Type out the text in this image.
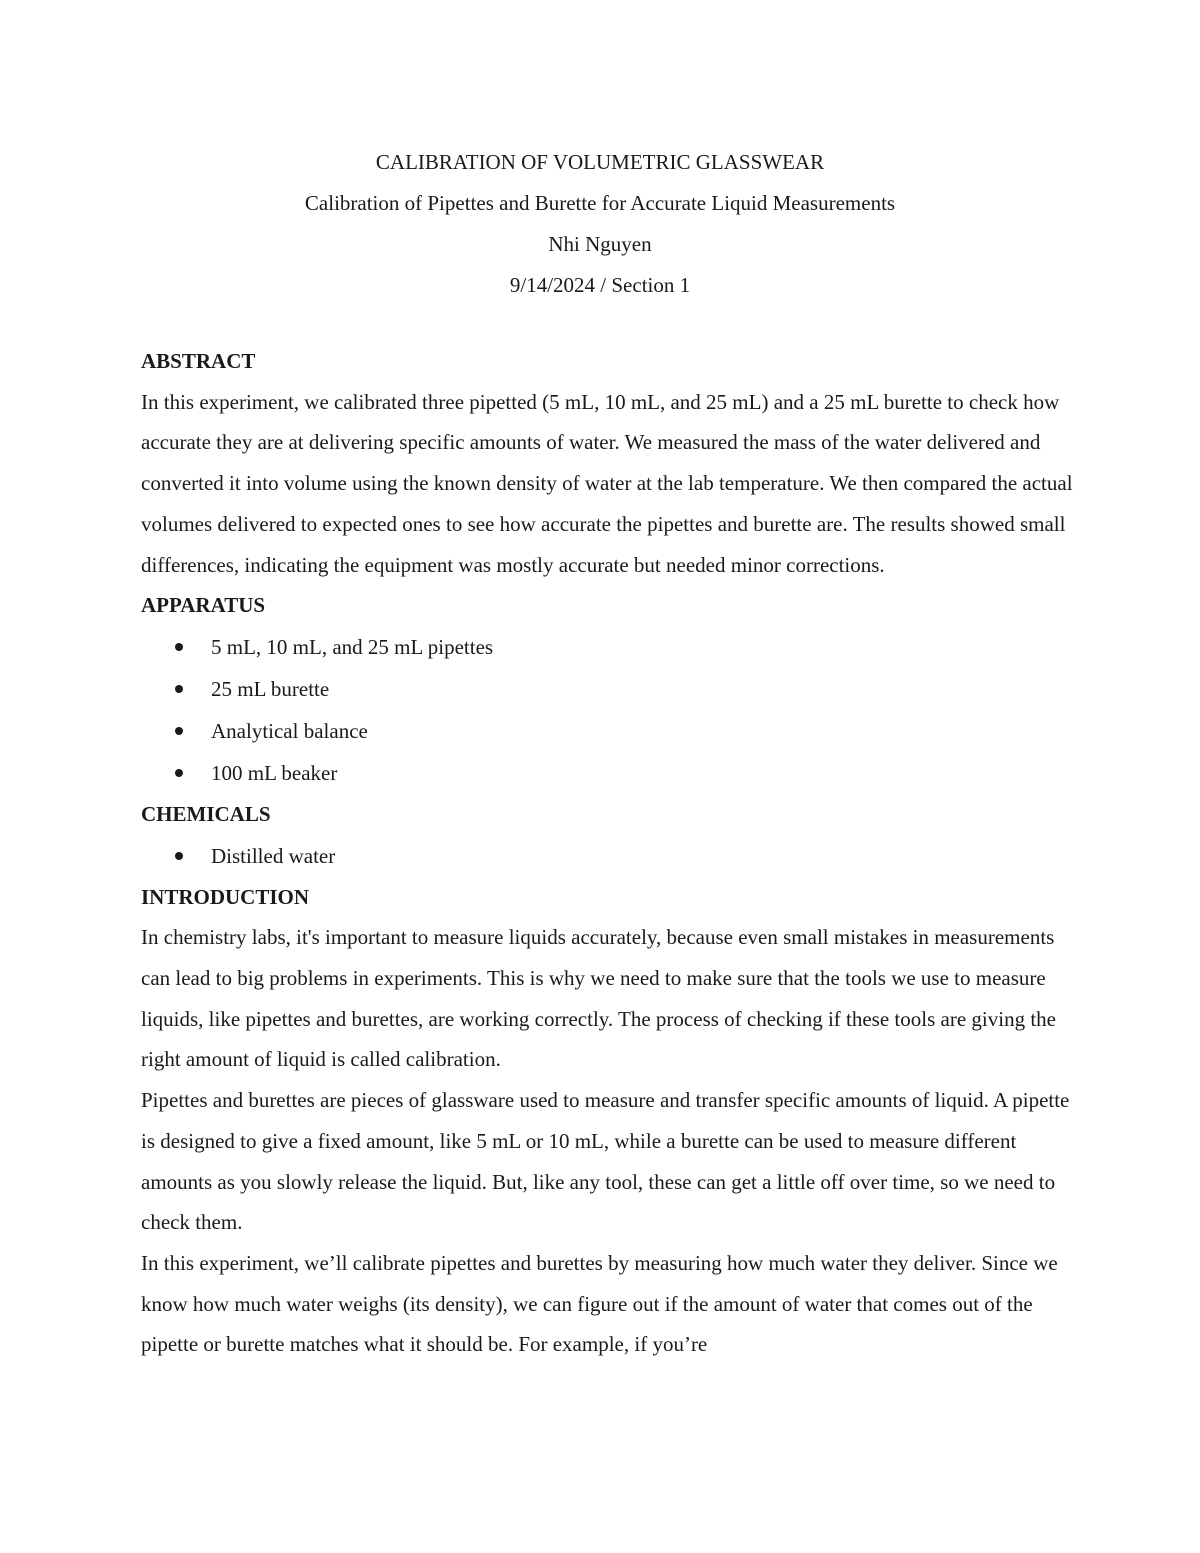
CALIBRATION OF VOLUMETRIC GLASSWEAR
Calibration of Pipettes and Burette for Accurate Liquid Measurements
Nhi Nguyen
9/14/2024 / Section 1
ABSTRACT

In this experiment, we calibrated three pipetted (5 mL, 10 mL, and 25 mL) and a 25 mL burette to check how accurate they are at delivering specific amounts of water. We measured the mass of the water delivered and converted it into volume using the known density of water at the lab temperature. We then compared the actual volumes delivered to expected ones to see how accurate the pipettes and burette are. The results showed small differences, indicating the equipment was mostly accurate but needed minor corrections.

APPARATUS
5 mL, 10 mL, and 25 mL pipettes
25 mL burette
Analytical balance
100 mL beaker
CHEMICALS
Distilled water
INTRODUCTION

In chemistry labs, it's important to measure liquids accurately, because even small mistakes in measurements can lead to big problems in experiments. This is why we need to make sure that the tools we use to measure liquids, like pipettes and burettes, are working correctly. The process of checking if these tools are giving the right amount of liquid is called calibration.

Pipettes and burettes are pieces of glassware used to measure and transfer specific amounts of liquid. A pipette is designed to give a fixed amount, like 5 mL or 10 mL, while a burette can be used to measure different amounts as you slowly release the liquid. But, like any tool, these can get a little off over time, so we need to check them.

In this experiment, we’ll calibrate pipettes and burettes by measuring how much water they deliver. Since we know how much water weighs (its density), we can figure out if the amount of water that comes out of the pipette or burette matches what it should be. For example, if you’re
